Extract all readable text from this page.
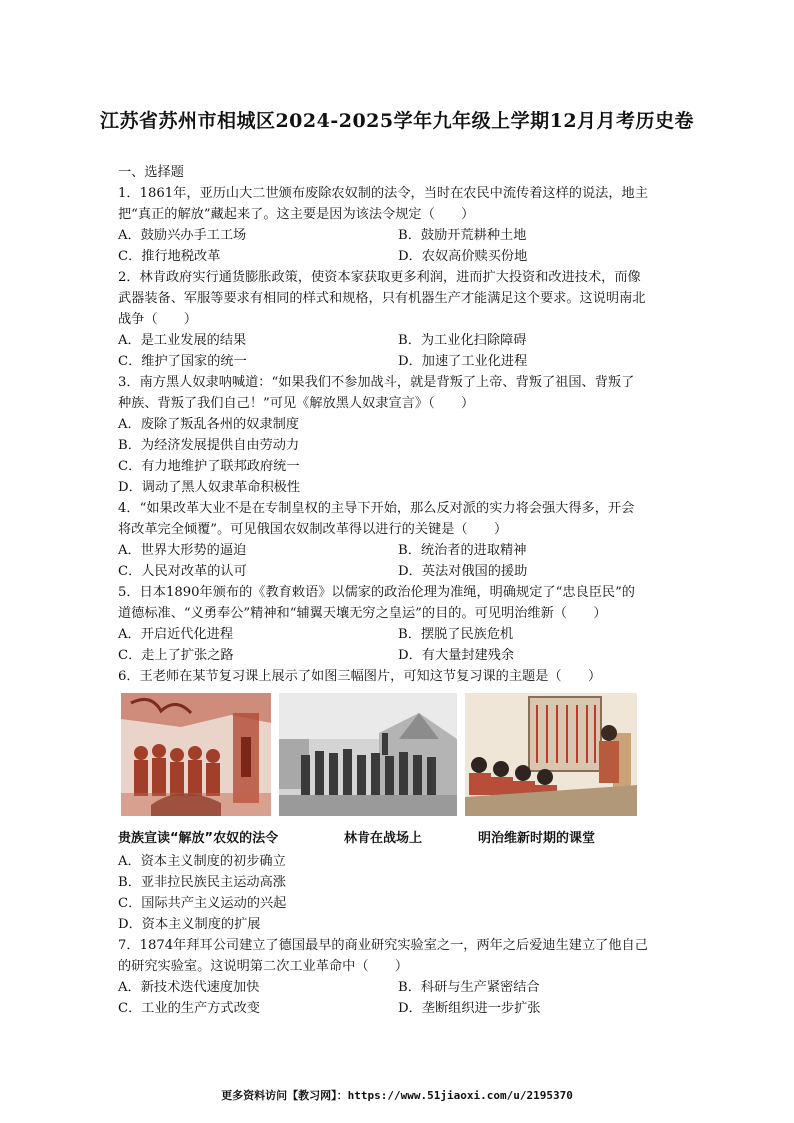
江苏省苏州市相城区2024-2025学年九年级上学期12月月考历史卷
一、选择题
1．1861年，亚历山大二世颁布废除农奴制的法令，当时在农民中流传着这样的说法，地主
把“真正的解放”藏起来了。这主要是因为该法令规定（　　）
A．鼓励兴办手工工场	B．鼓励开荒耕种土地
C．推行地税改革	D．农奴高价赎买份地
2．林肯政府实行通货膨胀政策，使资本家获取更多利润，进而扩大投资和改进技术，而像
武器装备、军服等要求有相同的样式和规格，只有机器生产才能满足这个要求。这说明南北
战争（　　）
A．是工业发展的结果	B．为工业化扫除障碍
C．维护了国家的统一	D．加速了工业化进程
3．南方黑人奴隶呐喊道：“如果我们不参加战斗，就是背叛了上帝、背叛了祖国、背叛了
种族、背叛了我们自己！”可见《解放黑人奴隶宣言》（　　）
A．废除了叛乱各州的奴隶制度
B．为经济发展提供自由劳动力
C．有力地维护了联邦政府统一
D．调动了黑人奴隶革命积极性
4．“如果改革大业不是在专制皇权的主导下开始，那么反对派的实力将会强大得多，开会
将改革完全倾覆”。可见俄国农奴制改革得以进行的关键是（　　）
A．世界大形势的逼迫	B．统治者的进取精神
C．人民对改革的认可	D．英法对俄国的援助
5．日本1890年颁布的《教育敕语》以儒家的政治伦理为准绳，明确规定了“忠良臣民”的
道德标准、“义勇奉公”精神和“辅翼天壤无穷之皇运”的目的。可见明治维新（　　）
A．开启近代化进程	B．摆脱了民族危机
C．走上了扩张之路	D．有大量封建残余
6．王老师在某节复习课上展示了如图三幅图片，可知这节复习课的主题是（　　）
贵族宣读“解放”农奴的法令	林肯在战场上	明治维新时期的课堂
A．资本主义制度的初步确立
B．亚非拉民族民主运动高涨
C．国际共产主义运动的兴起
D．资本主义制度的扩展
7．1874年拜耳公司建立了德国最早的商业研究实验室之一，两年之后爱迪生建立了他自己
的研究实验室。这说明第二次工业革命中（　　）
A．新技术迭代速度加快	B．科研与生产紧密结合
C．工业的生产方式改变	D．垄断组织进一步扩张
更多资料访问【教习网】：https://www.51jiaoxi.com/u/2195370
